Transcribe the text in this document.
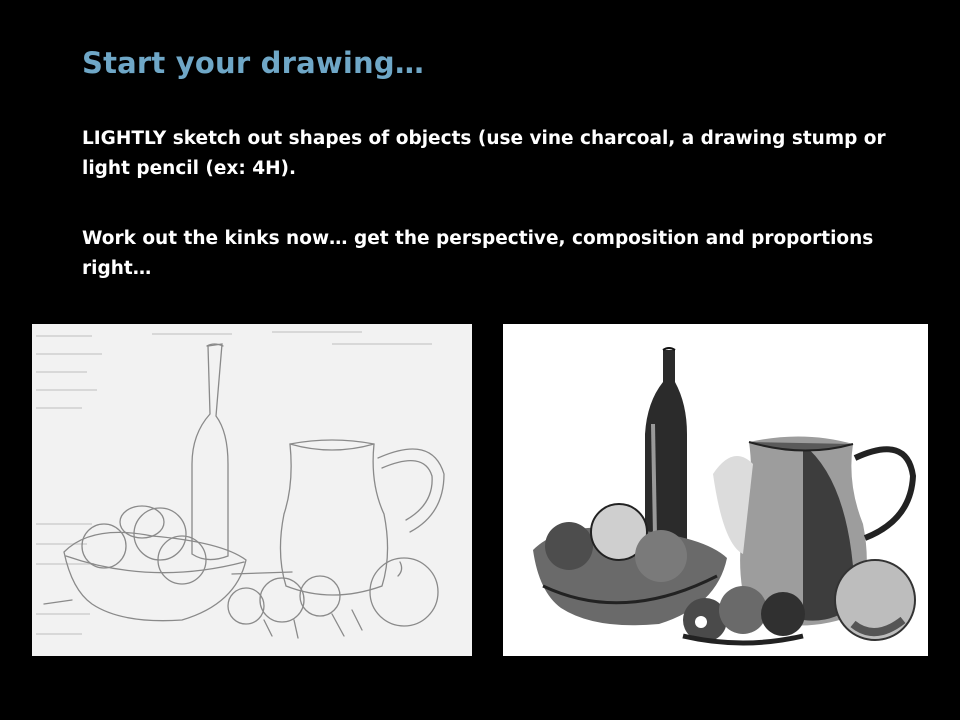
Start your drawing…

LIGHTLY sketch out shapes of objects (use vine charcoal, a drawing stump or light pencil (ex: 4H).

Work out the kinks now… get the perspective, composition and proportions right…
